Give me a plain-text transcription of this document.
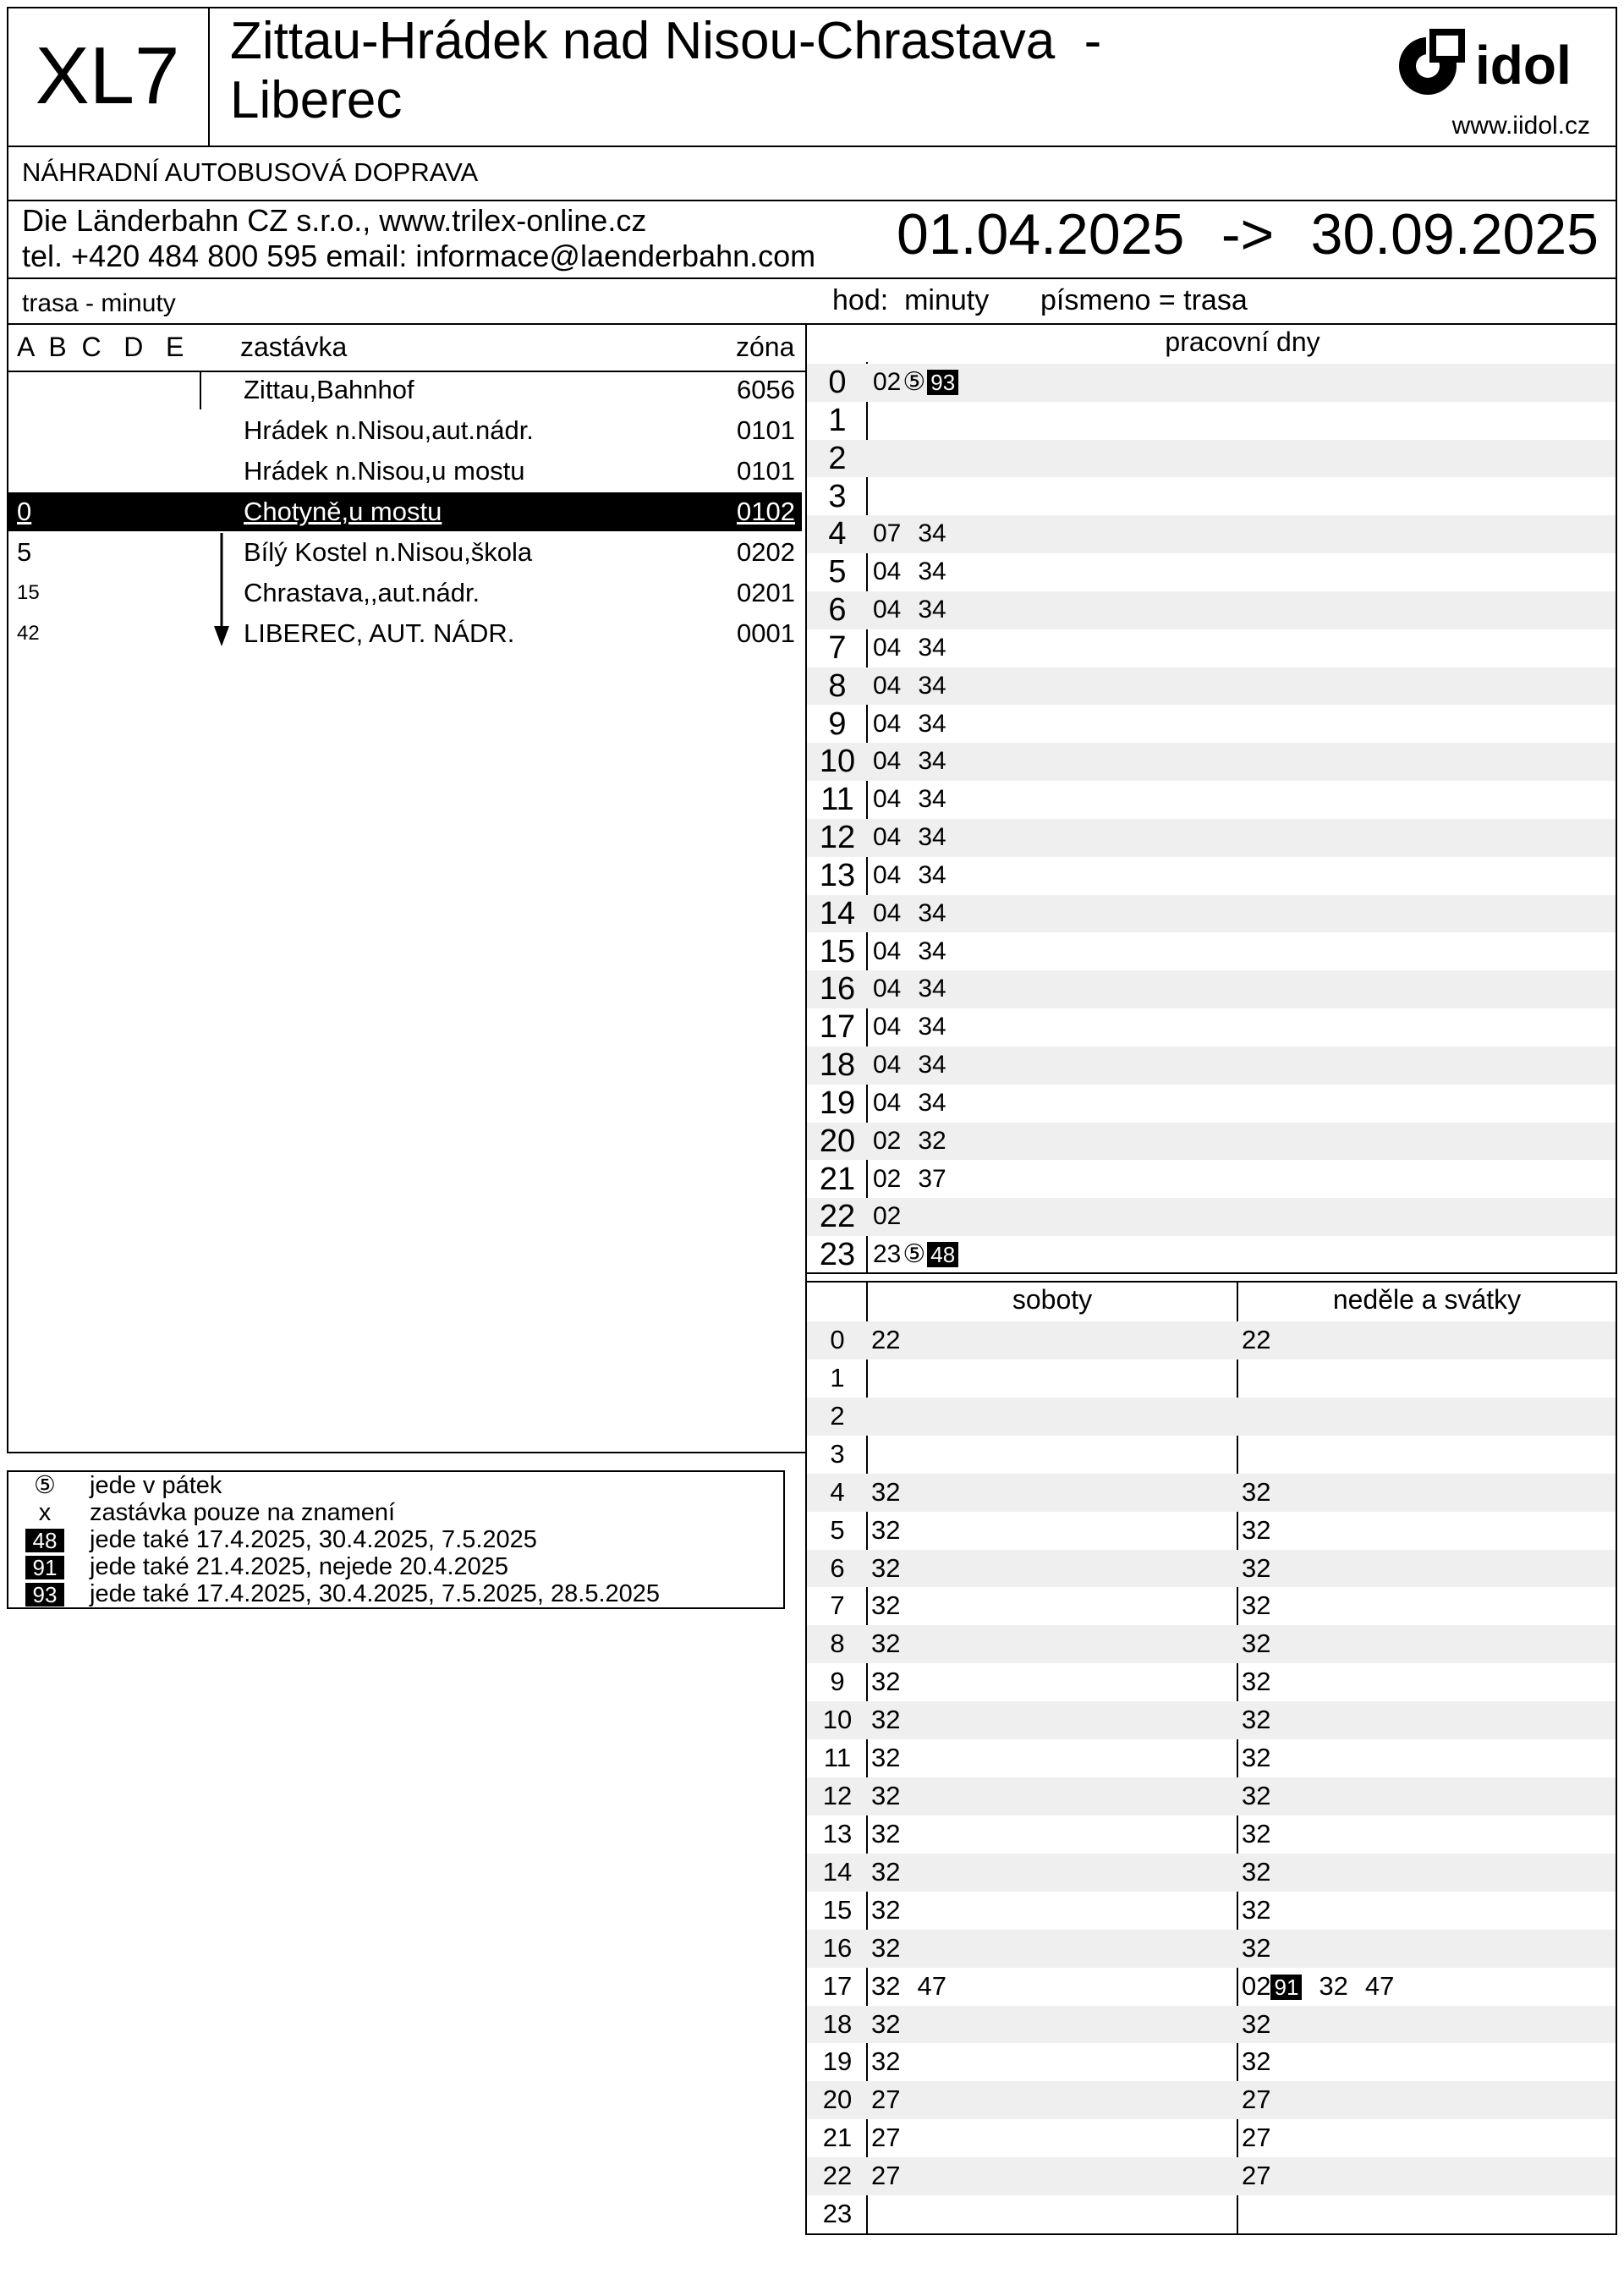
XL7 Zittau-Hrádek nad Nisou-Chrastava  -
Liberec
idol
www.iidol.cz
NÁHRADNÍ AUTOBUSOVÁ DOPRAVA
Die Länderbahn CZ s.r.o., www.trilex-online.cz
tel. +420 484 800 595 email: informace@laenderbahn.com 01.04.2025 -> 30.09.2025
trasa - minuty	hod:  minuty písmeno = trasa
A  B  C   D   E zastávka	zóna
Zittau,Bahnhof	6056
Hrádek n.Nisou,aut.nádr.	0101
Hrádek n.Nisou,u mostu	0101
0	Chotyně,u mostu	0102
5	Bílý Kostel n.Nisou,škola	0202
15	Chrastava,,aut.nádr.	0201
42	LIBEREC, AUT. NÁDR.	0001
⑤	jede v pátek
x	zastávka pouze na znamení
48 jede také 17.4.2025, 30.4.2025, 7.5.2025
91 jede také 21.4.2025, nejede 20.4.2025
93 jede také 17.4.2025, 30.4.2025, 7.5.2025, 28.5.2025
pracovní dny
0	02⑤ 93
1
2
3
4	07 34
5	04 34
6	04 34
7	04 34
8	04 34
9	04 34
10 04 34
11 04 34
12 04 34
13 04 34
14 04 34
15 04 34
16 04 34
17 04 34
18 04 34
19 04 34
20 02 32
21 02 37
22 02
23 23⑤ 48
soboty	neděle a svátky
0	22	22
1
2
3
4	32	32
5	32	32
6	32	32
7	32	32
8	32	32
9	32	32
10 32	32
11 32	32
12 32	32
13 32	32
14 32	32
15 32	32
16 32	32
17 32 47	02 91 32 47
18 32	32
19 32	32
20 27	27
21 27	27
22 27	27
23
